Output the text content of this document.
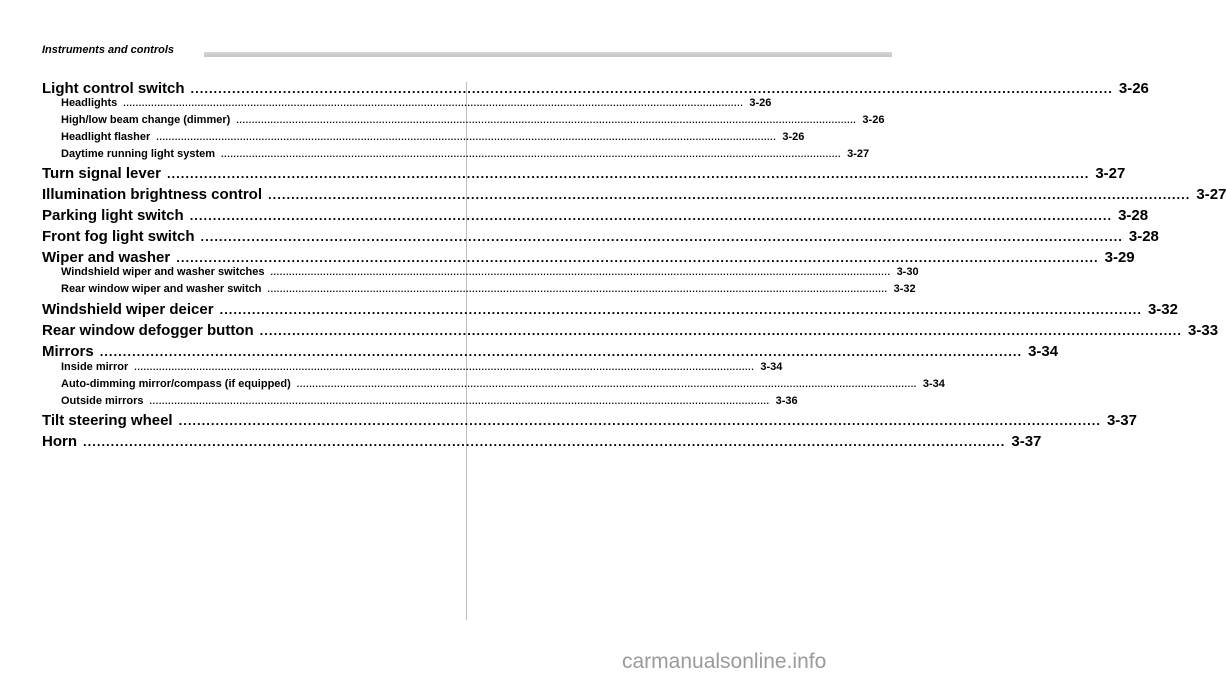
Instruments and controls
Light control switch ........................................................................................................................................................................................................ 3-26
Headlights ........................................................................................................................................................................................................ 3-26
High/low beam change (dimmer) ........................................................................................................................................................................................................ 3-26
Headlight flasher ........................................................................................................................................................................................................ 3-26
Daytime running light system ........................................................................................................................................................................................................ 3-27
Turn signal lever ........................................................................................................................................................................................................ 3-27
Illumination brightness control ........................................................................................................................................................................................................ 3-27
Parking light switch ........................................................................................................................................................................................................ 3-28
Front fog light switch ........................................................................................................................................................................................................ 3-28
Wiper and washer ........................................................................................................................................................................................................ 3-29
Windshield wiper and washer switches ........................................................................................................................................................................................................ 3-30
Rear window wiper and washer switch ........................................................................................................................................................................................................ 3-32
Windshield wiper deicer ........................................................................................................................................................................................................ 3-32
Rear window defogger button ........................................................................................................................................................................................................ 3-33
Mirrors ........................................................................................................................................................................................................ 3-34
Inside mirror ........................................................................................................................................................................................................ 3-34
Auto-dimming mirror/compass (if equipped) ........................................................................................................................................................................................................ 3-34
Outside mirrors ........................................................................................................................................................................................................ 3-36
Tilt steering wheel ........................................................................................................................................................................................................ 3-37
Horn ........................................................................................................................................................................................................ 3-37
carmanualsonline.info
